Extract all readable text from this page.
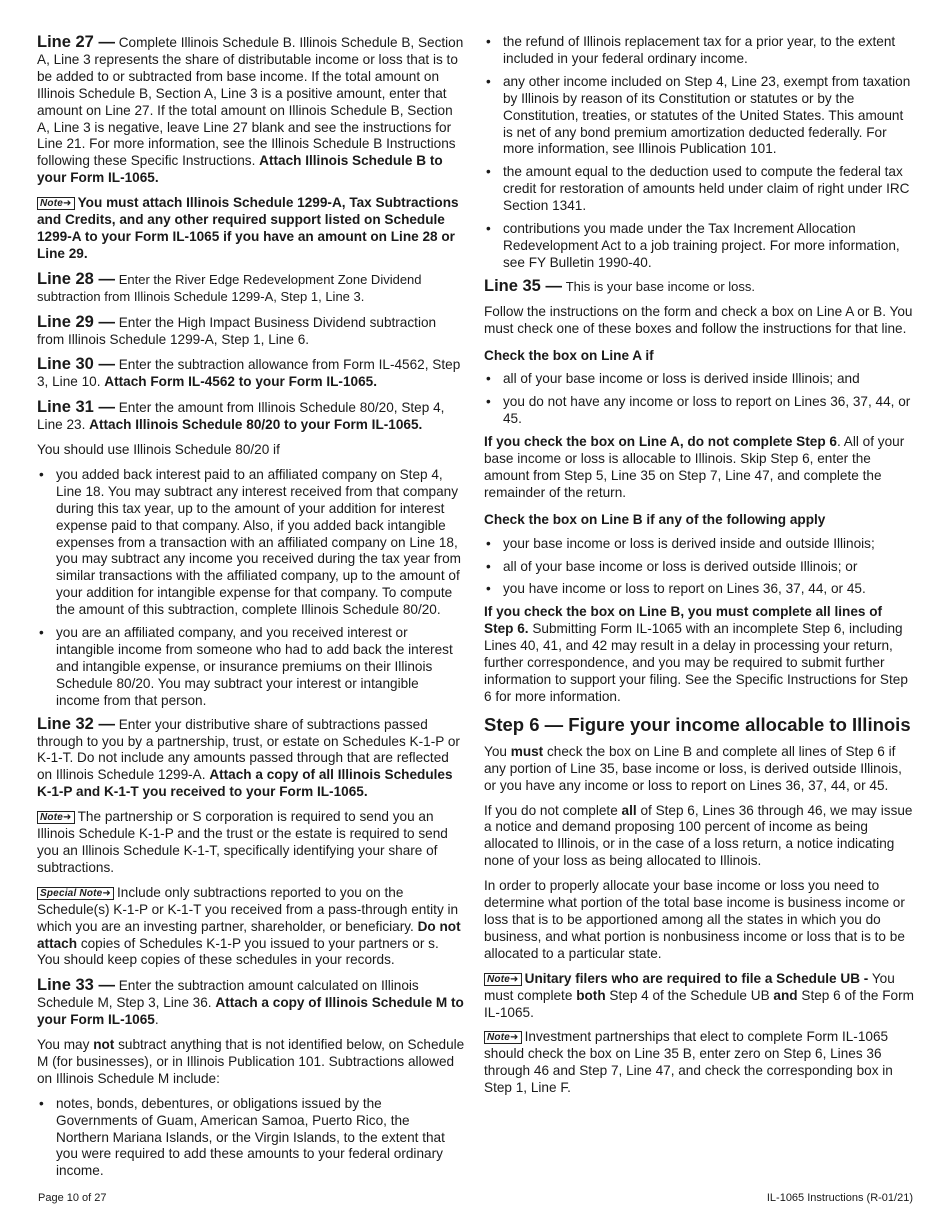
Line 27 — Complete Illinois Schedule B. Illinois Schedule B, Section A, Line 3 represents the share of distributable income or loss that is to be added to or subtracted from base income. If the total amount on Illinois Schedule B, Section A, Line 3 is a positive amount, enter that amount on Line 27. If the total amount on Illinois Schedule B, Section A, Line 3 is negative, leave Line 27 blank and see the instructions for Line 21. For more information, see the Illinois Schedule B Instructions following these Specific Instructions. Attach Illinois Schedule B to your Form IL-1065.

Note➜ You must attach Illinois Schedule 1299-A, Tax Subtractions and Credits, and any other required support listed on Schedule 1299-A to your Form IL-1065 if you have an amount on Line 28 or Line 29.

Line 28 — Enter the River Edge Redevelopment Zone Dividend subtraction from Illinois Schedule 1299-A, Step 1, Line 3.

Line 29 — Enter the High Impact Business Dividend subtraction from Illinois Schedule 1299-A, Step 1, Line 6.

Line 30 — Enter the subtraction allowance from Form IL-4562, Step 3, Line 10. Attach Form IL-4562 to your Form IL-1065.

Line 31 — Enter the amount from Illinois Schedule 80/20, Step 4, Line 23. Attach Illinois Schedule 80/20 to your Form IL-1065.

You should use Illinois Schedule 80/20 if

• you added back interest paid to an affiliated company on Step 4, Line 18. You may subtract any interest received from that company during this tax year, up to the amount of your addition for interest expense paid to that company. Also, if you added back intangible expenses from a transaction with an affiliated company on Line 18, you may subtract any income you received during the tax year from similar transactions with the affiliated company, up to the amount of your addition for intangible expense for that company. To compute the amount of this subtraction, complete Illinois Schedule 80/20.
• you are an affiliated company, and you received interest or intangible income from someone who had to add back the interest and intangible expense, or insurance premiums on their Illinois Schedule 80/20. You may subtract your interest or intangible income from that person.

Line 32 — Enter your distributive share of subtractions passed through to you by a partnership, trust, or estate on Schedules K-1-P or K-1-T. Do not include any amounts passed through that are reflected on Illinois Schedule 1299-A. Attach a copy of all Illinois Schedules K-1-P and K-1-T you received to your Form IL-1065.

Note➜ The partnership or S corporation is required to send you an Illinois Schedule K-1-P and the trust or the estate is required to send you an Illinois Schedule K-1-T, specifically identifying your share of subtractions.

Special Note➜ Include only subtractions reported to you on the Schedule(s) K-1-P or K-1-T you received from a pass-through entity in which you are an investing partner, shareholder, or beneficiary. Do not attach copies of Schedules K-1-P you issued to your partners or s. You should keep copies of these schedules in your records.

Line 33 — Enter the subtraction amount calculated on Illinois Schedule M, Step 3, Line 36. Attach a copy of Illinois Schedule M to your Form IL-1065.

You may not subtract anything that is not identified below, on Schedule M (for businesses), or in Illinois Publication 101. Subtractions allowed on Illinois Schedule M include:

• notes, bonds, debentures, or obligations issued by the Governments of Guam, American Samoa, Puerto Rico, the Northern Mariana Islands, or the Virgin Islands, to the extent that you were required to add these amounts to your federal ordinary income.
• the refund of Illinois replacement tax for a prior year, to the extent included in your federal ordinary income.
• any other income included on Step 4, Line 23, exempt from taxation by Illinois by reason of its Constitution or statutes or by the Constitution, treaties, or statutes of the United States. This amount is net of any bond premium amortization deducted federally. For more information, see Illinois Publication 101.
• the amount equal to the deduction used to compute the federal tax credit for restoration of amounts held under claim of right under IRC Section 1341.
• contributions you made under the Tax Increment Allocation Redevelopment Act to a job training project. For more information, see FY Bulletin 1990-40.

Line 35 — This is your base income or loss.

Follow the instructions on the form and check a box on Line A or B. You must check one of these boxes and follow the instructions for that line.

Check the box on Line A if

• all of your base income or loss is derived inside Illinois; and
• you do not have any income or loss to report on Lines 36, 37, 44, or 45.

If you check the box on Line A, do not complete Step 6. All of your base income or loss is allocable to Illinois. Skip Step 6, enter the amount from Step 5, Line 35 on Step 7, Line 47, and complete the remainder of the return.

Check the box on Line B if any of the following apply

• your base income or loss is derived inside and outside Illinois;
• all of your base income or loss is derived outside Illinois; or
• you have income or loss to report on Lines 36, 37, 44, or 45.

If you check the box on Line B, you must complete all lines of Step 6. Submitting Form IL-1065 with an incomplete Step 6, including Lines 40, 41, and 42 may result in a delay in processing your return, further correspondence, and you may be required to submit further information to support your filing. See the Specific Instructions for Step 6 for more information.

Step 6 — Figure your income allocable to Illinois

You must check the box on Line B and complete all lines of Step 6 if any portion of Line 35, base income or loss, is derived outside Illinois, or you have any income or loss to report on Lines 36, 37, 44, or 45.

If you do not complete all of Step 6, Lines 36 through 46, we may issue a notice and demand proposing 100 percent of income as being allocated to Illinois, or in the case of a loss return, a notice indicating none of your loss as being allocated to Illinois.

In order to properly allocate your base income or loss you need to determine what portion of the total base income is business income or loss that is to be apportioned among all the states in which you do business, and what portion is nonbusiness income or loss that is to be allocated to a particular state.

Note➜ Unitary filers who are required to file a Schedule UB - You must complete both Step 4 of the Schedule UB and Step 6 of the Form IL-1065.

Note➜ Investment partnerships that elect to complete Form IL-1065 should check the box on Line 35 B, enter zero on Step 6, Lines 36 through 46 and Step 7, Line 47, and check the corresponding box in Step 1, Line F.

Page 10 of 27	IL-1065 Instructions (R-01/21)
